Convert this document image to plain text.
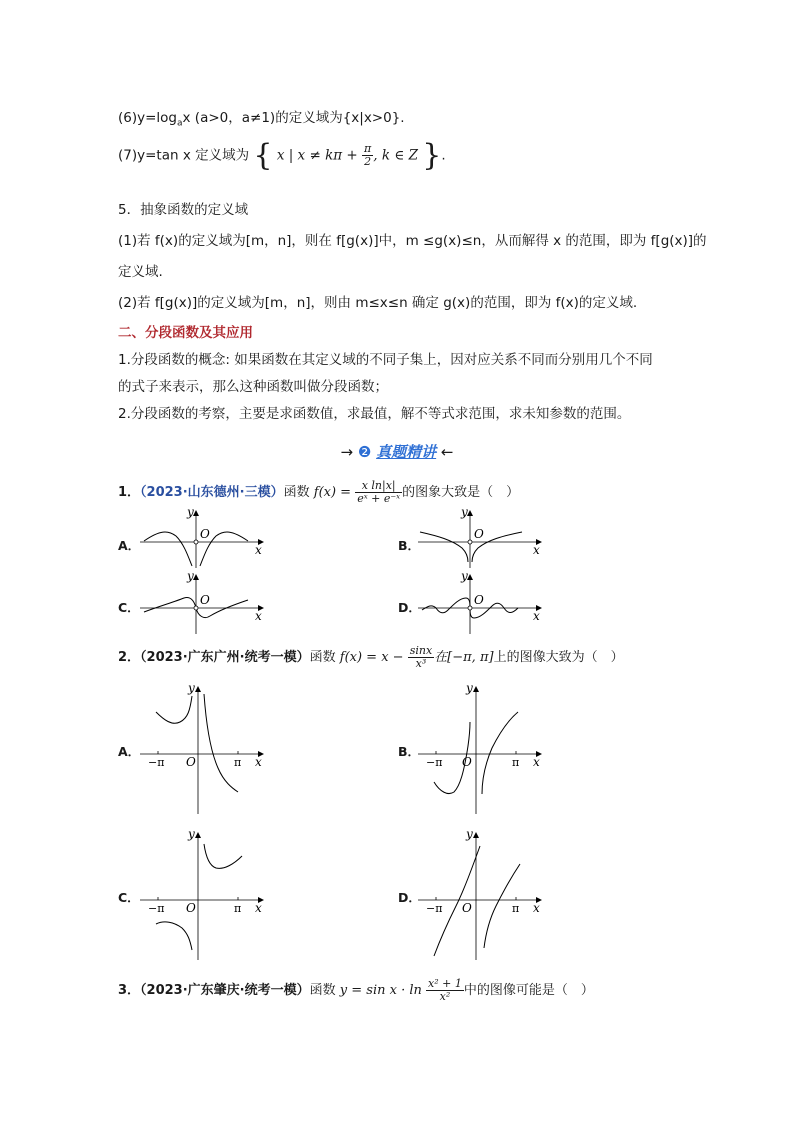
$(6)y=\log_ax$ (a>0，a≠1)的定义域为{x|x>0}.
(7)y=tan x 定义域为 { x | $x \ne k\pi + \frac{\pi}{2}$ , k ∈ Z }.
5．抽象函数的定义域
(1)若 f(x)的定义域为[m，n]，则在 f[g(x)]中，m ≤g(x)≤n，从而解得 x 的范围，即为 f[g(x)]的
定义域.
(2)若 f[g(x)]的定义域为[m，n]，则由 m≤x≤n 确定 g(x)的范围，即为 f(x)的定义域.
二、分段函数及其应用
1.分段函数的概念: 如果函数在其定义域的不同子集上，因对应关系不同而分别用几个不同
的式子来表示，那么这种函数叫做分段函数；
2.分段函数的考察，主要是求函数值，求最值，解不等式求范围，求未知参数的范围。
→ ❷ 真题精讲 ←
1．（2023·山东德州·三模）函数 $f(x) = \frac{\text{x ln|x|}}{\text{eˣ + e⁻ˣ}}$ 的图象大致是（　）
A．	B．
C．	D．
y
O
x
y
O
x
y
O
x
y
O
x
2．（2023·广东广州·统考一模）函数 $f(x) = x - \frac{\sin x}{\text{x³}}$ 在[−π, π]上的图像大致为（　）
A．	B．
C．	D．
y
O
−π	π x
y
O
−π	π x
y
O
−π	π x
y
O
−π	π x
3．（2023·广东肇庆·统考一模）函数 $y = \sin x \cdot \ln \frac{\text{x² + 1}}{\text{x²}}$ 中的图像可能是（　）
